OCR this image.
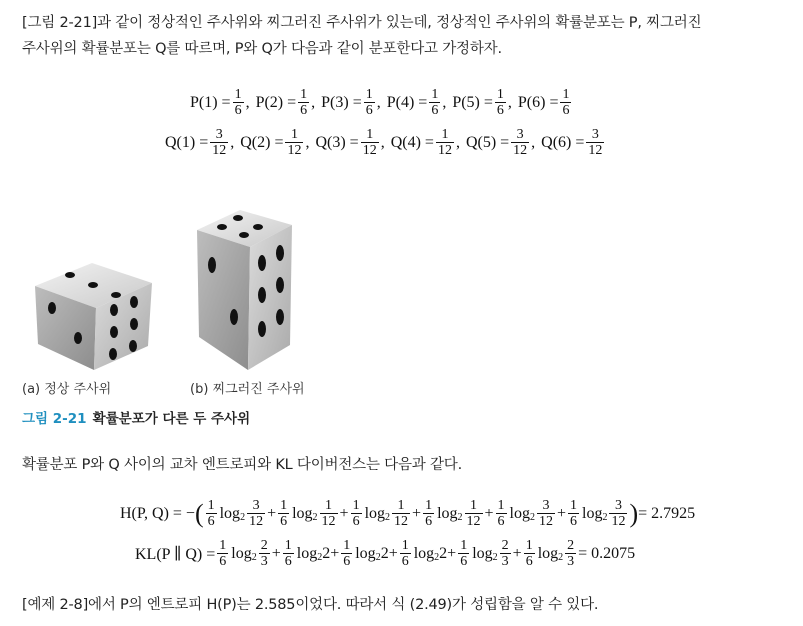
[그림 2-21]과 같이 정상적인 주사위와 찌그러진 주사위가 있는데, 정상적인 주사위의 확률분포는 P, 찌그러진
주사위의 확률분포는 Q를 따르며, P와 Q가 다음과 같이 분포한다고 가정하자.
$P(1) = \frac{1}{6}$ , $P(2) = \frac{1}{6}$ , $P(3) = \frac{1}{6}$ , $P(4) = \frac{1}{6}$ , $P(5) = \frac{1}{6}$ , $P(6) = \frac{1}{6}$
$Q(1) = \frac{3}{12}$ , $Q(2) = \frac{1}{12}$ , $Q(3) = \frac{1}{12}$ , $Q(4) = \frac{1}{12}$ , $Q(5) = \frac{3}{12}$ , $Q(6) = \frac{3}{12}$
(a) 정상 주사위	(b) 찌그러진 주사위
그림 2-21 확률분포가 다른 두 주사위
확률분포 P와 Q 사이의 교차 엔트로피와 KL 다이버전스는 다음과 같다.
H(P, Q) = − ( $\frac{1}{6}$ $\log 2 \frac{3}{12} + \frac{1}{6}$ $\log 2 \frac{1}{12} + \frac{1}{6}$ $\log 2 \frac{1}{12} + \frac{1}{6}$ $\log 2 \frac{1}{12} + \frac{1}{6}$ $\log 2 \frac{3}{12} + \frac{1}{6}$ $\log 2 \frac{3}{12}$ ) = 2.7925
KL(P ∥ $Q) = \frac{1}{6}$ $\log 2 \frac{2}{3} + \frac{1}{6}$ log 2 $2 + \frac{1}{6}$ log 2 $2 + \frac{1}{6}$ log 2 $2 + \frac{1}{6}$ $\log 2 \frac{2}{3} + \frac{1}{6}$ $\log 2 \frac{2}{3} = 0.2075$
[예제 2-8]에서 P의 엔트로피 H(P)는 2.585이었다. 따라서 식 (2.49)가 성립함을 알 수 있다.
